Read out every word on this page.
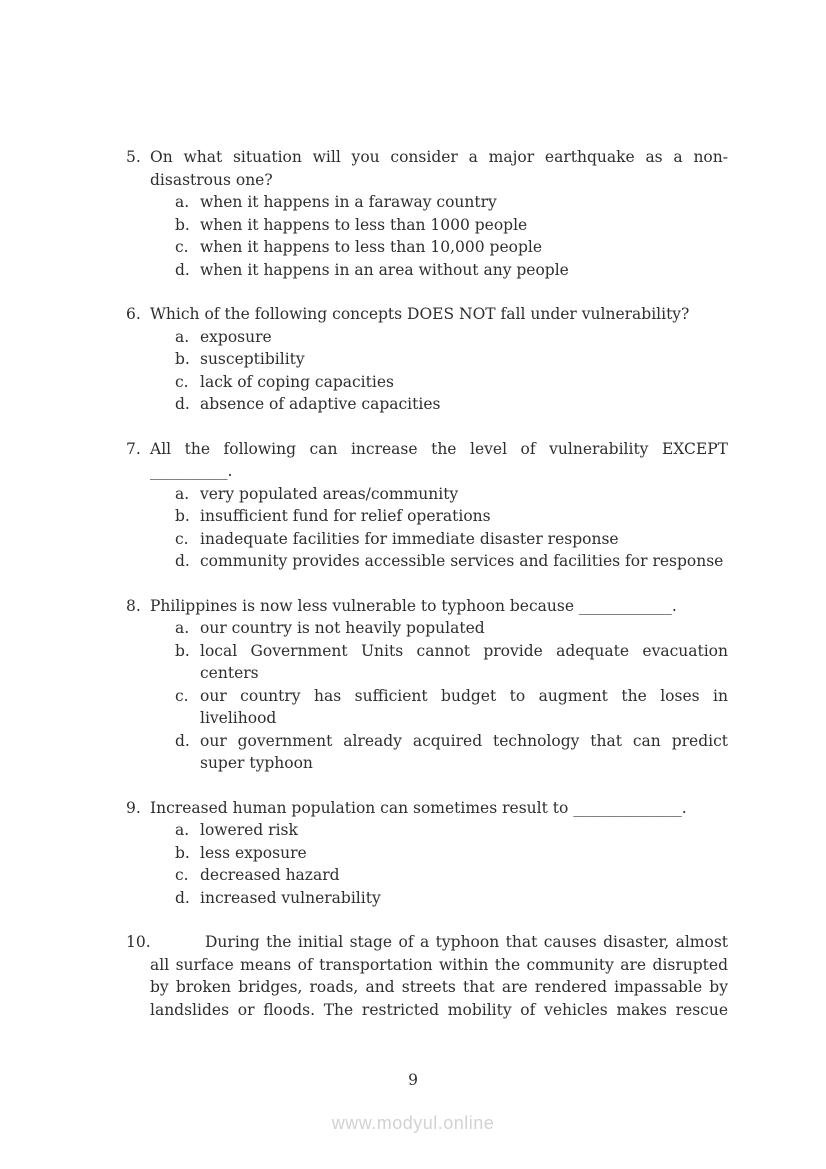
5. On what situation will you consider a major earthquake as a non-disastrous one?
a. when it happens in a faraway country
b. when it happens to less than 1000 people
c. when it happens to less than 10,000 people
d. when it happens in an area without any people
6. Which of the following concepts DOES NOT fall under vulnerability?
a. exposure
b. susceptibility
c. lack of coping capacities
d. absence of adaptive capacities
7. All the following can increase the level of vulnerability EXCEPT __________.
a. very populated areas/community
b. insufficient fund for relief operations
c. inadequate facilities for immediate disaster response
d. community provides accessible services and facilities for response
8. Philippines is now less vulnerable to typhoon because ____________.
a. our country is not heavily populated
b. local Government Units cannot provide adequate evacuation centers
c. our country has sufficient budget to augment the loses in livelihood
d. our government already acquired technology that can predict super typhoon
9. Increased human population can sometimes result to ______________.
a. lowered risk
b. less exposure
c. decreased hazard
d. increased vulnerability
10.	During the initial stage of a typhoon that causes disaster, almost all surface means of transportation within the community are disrupted by broken bridges, roads, and streets that are rendered impassable by landslides or floods. The restricted mobility of vehicles makes rescue
9
www.modyul.online
